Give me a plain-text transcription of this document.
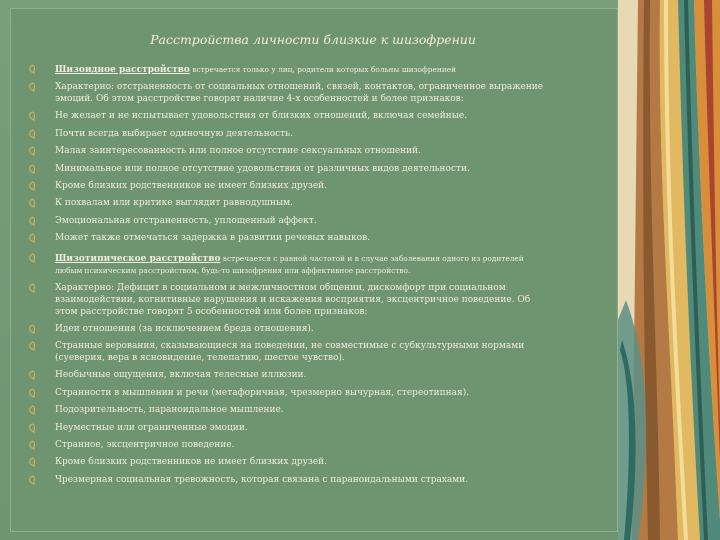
Расстройства личности близкие к шизофрении
Шизоидное расстройство встречается только у лиц, родители которых больны шизофренией
Характерно: отстраненность от социальных отношений, связей, контактов, ограниченное выражение эмоций. Об этом расстройстве говорят наличие 4-х особенностей и более признаков:
Не желает и не испытывает удовольствия от близких отношений, включая семейные.
Почти всегда выбирает одиночную деятельность.
Малая заинтересованность или полное отсутствие сексуальных отношений.
Минимальное или полное отсутствие удовольствия от различных видов деятельности.
Кроме близких родственников не имеет близких друзей.
К похвалам или критике выглядит равнодушным.
Эмоциональная отстраненность, уплощенный аффект.
Может также отмечаться задержка в развитии речевых навыков.
Шизотипическое расстройство встречается с равной частотой и в случае заболевания одного из родителей любым психическим расстройством, будь-то шизофрения или аффективное расстройство.
Характерно: Дефицит в социальном и межличностном общении, дискомфорт при социальном взаимодействии, когнитивные нарушения и искажения восприятия, эксцентричное поведение. Об этом расстройстве говорят 5 особенностей или более признаков:
Идеи отношения (за исключением бреда отношения).
Странные верования, сказывающиеся на поведении, не совместимые с субкультурными нормами (суеверия, вера в ясновидение, телепатию, шестое чувство).
Необычные ощущения, включая телесные иллюзии.
Странности в мышлении и речи (метафоричная, чрезмерно вычурная, стереотипная).
Подозрительность, параноидальное мышление.
Неуместные или ограниченные эмоции.
Странное, эксцентричное поведение.
Кроме близких родственников не имеет близких друзей.
Чрезмерная социальная тревожность, которая связана с параноидальными страхами.
